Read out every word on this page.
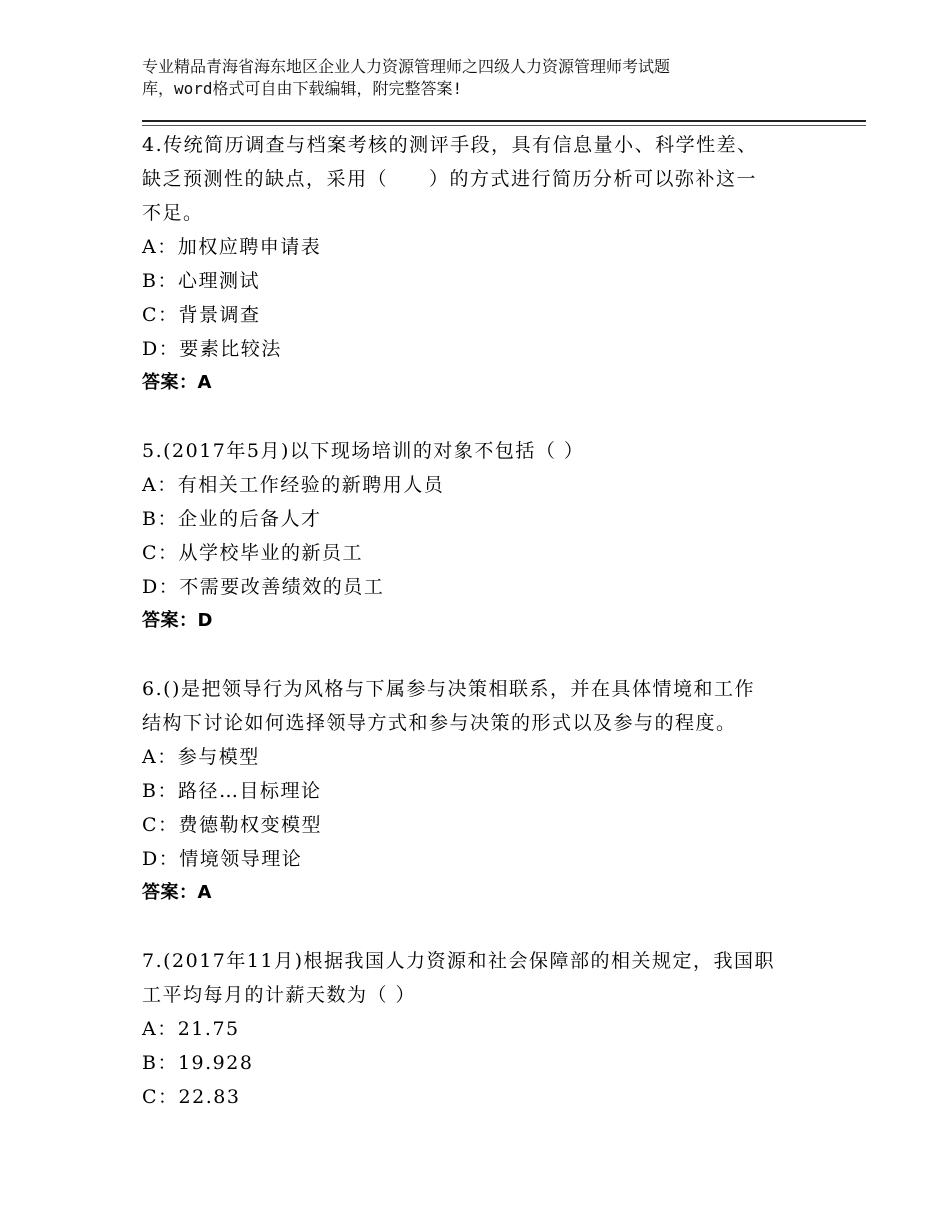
专业精品青海省海东地区企业人力资源管理师之四级人力资源管理师考试题
库，word格式可自由下载编辑，附完整答案!
4.传统简历调查与档案考核的测评手段，具有信息量小、科学性差、
缺乏预测性的缺点，采用（　　）的方式进行简历分析可以弥补这一
不足。
A：加权应聘申请表
B：心理测试
C：背景调查
D：要素比较法
答案：A
5.(2017年5月)以下现场培训的对象不包括（ ）
A：有相关工作经验的新聘用人员
B：企业的后备人才
C：从学校毕业的新员工
D：不需要改善绩效的员工
答案：D
6.()是把领导行为风格与下属参与决策相联系，并在具体情境和工作
结构下讨论如何选择领导方式和参与决策的形式以及参与的程度。
A：参与模型
B：路径…目标理论
C：费德勒权变模型
D：情境领导理论
答案：A
7.(2017年11月)根据我国人力资源和社会保障部的相关规定，我国职
工平均每月的计薪天数为（ ）
A：21.75
B：19.928
C：22.83
